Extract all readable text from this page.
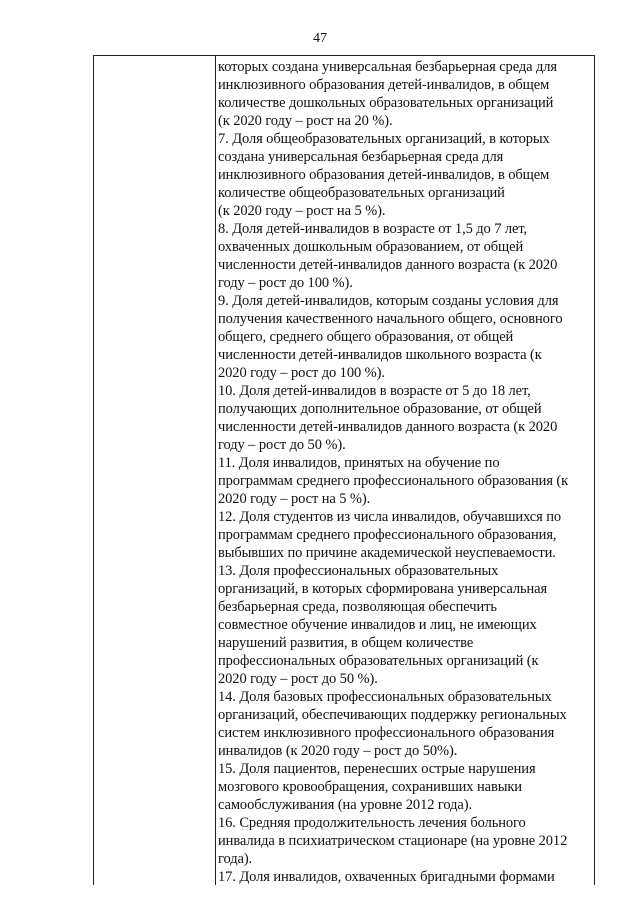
47
которых создана универсальная безбарьерная среда для
инклюзивного образования детей-инвалидов, в общем
количестве дошкольных образовательных организаций
(к 2020 году – рост на 20 %).
7. Доля общеобразовательных организаций, в которых
создана универсальная безбарьерная среда для
инклюзивного образования детей-инвалидов, в общем
количестве общеобразовательных организаций
(к 2020 году – рост на 5 %).
8. Доля детей-инвалидов в возрасте от 1,5 до 7 лет,
охваченных дошкольным образованием, от общей
численности детей-инвалидов данного возраста (к 2020
году – рост до 100 %).
9. Доля детей-инвалидов, которым созданы условия для
получения качественного начального общего, основного
общего, среднего общего образования, от общей
численности детей-инвалидов школьного возраста (к
2020 году – рост до 100 %).
10. Доля детей-инвалидов в возрасте от 5 до 18 лет,
получающих дополнительное образование, от общей
численности детей-инвалидов данного возраста (к 2020
году – рост до 50 %).
11. Доля инвалидов, принятых на обучение по
программам среднего профессионального образования (к
2020 году – рост на 5 %).
12. Доля студентов из числа инвалидов, обучавшихся по
программам среднего профессионального образования,
выбывших по причине академической неуспеваемости.
13. Доля профессиональных образовательных
организаций, в которых сформирована универсальная
безбарьерная среда, позволяющая обеспечить
совместное обучение инвалидов и лиц, не имеющих
нарушений развития, в общем количестве
профессиональных образовательных организаций (к
2020 году – рост до 50 %).
14. Доля базовых профессиональных образовательных
организаций, обеспечивающих поддержку региональных
систем инклюзивного профессионального образования
инвалидов (к 2020 году – рост до 50%).
15. Доля пациентов, перенесших острые нарушения
мозгового кровообращения, сохранивших навыки
самообслуживания (на уровне 2012 года).
16. Средняя продолжительность лечения больного
инвалида в психиатрическом стационаре (на уровне 2012
года).
17. Доля инвалидов, охваченных бригадными формами
